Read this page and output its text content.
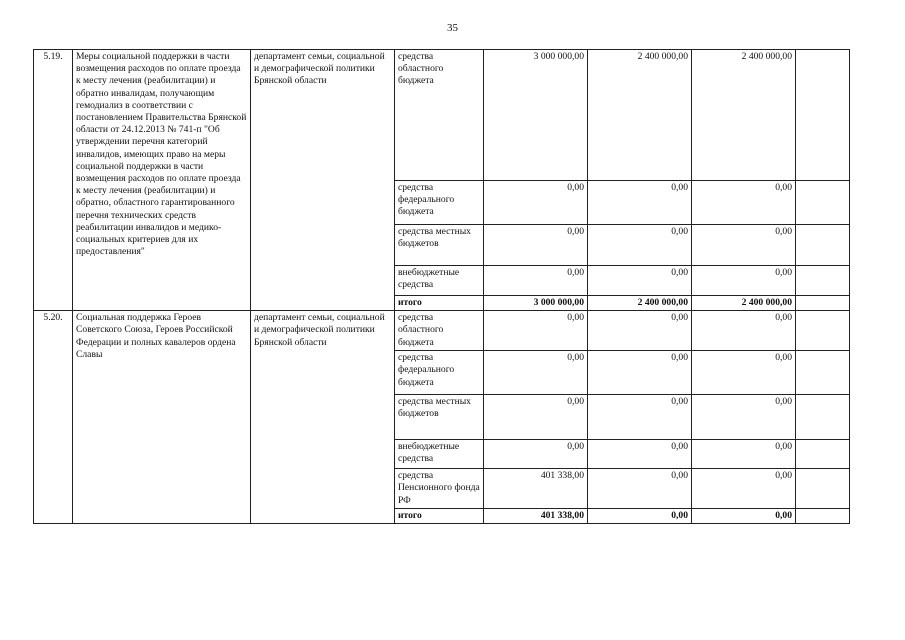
35
5.19.	Меры социальной поддержки в части возмещения расходов по оплате проезда к месту лечения (реабилитации) и обратно инвалидам, получающим гемодиализ в соответствии с постановлением Правительства Брянской области от 24.12.2013 № 741-п "Об утверждении перечня категорий инвалидов, имеющих право на меры социальной поддержки в части возмещения расходов по оплате проезда к месту лечения (реабилитации) и обратно, областного гарантированного перечня технических средств реабилитации инвалидов и медико-социальных критериев для их предоставления"	департамент семьи, социальной и демографической политики Брянской области	средства областного бюджета	3 000 000,00	2 400 000,00	2 400 000,00	
			средства федерального бюджета	0,00	0,00	0,00	
			средства местных бюджетов	0,00	0,00	0,00	
			внебюджетные средства	0,00	0,00	0,00	
			итого	3 000 000,00	2 400 000,00	2 400 000,00	
5.20.	Социальная поддержка Героев Советского Союза, Героев Российской Федерации и полных кавалеров ордена Славы	департамент семьи, социальной и демографической политики Брянской области	средства областного бюджета	0,00	0,00	0,00	
			средства федерального бюджета	0,00	0,00	0,00	
			средства местных бюджетов	0,00	0,00	0,00	
			внебюджетные средства	0,00	0,00	0,00	
			средства Пенсионного фонда РФ	401 338,00	0,00	0,00	
			итого	401 338,00	0,00	0,00	
